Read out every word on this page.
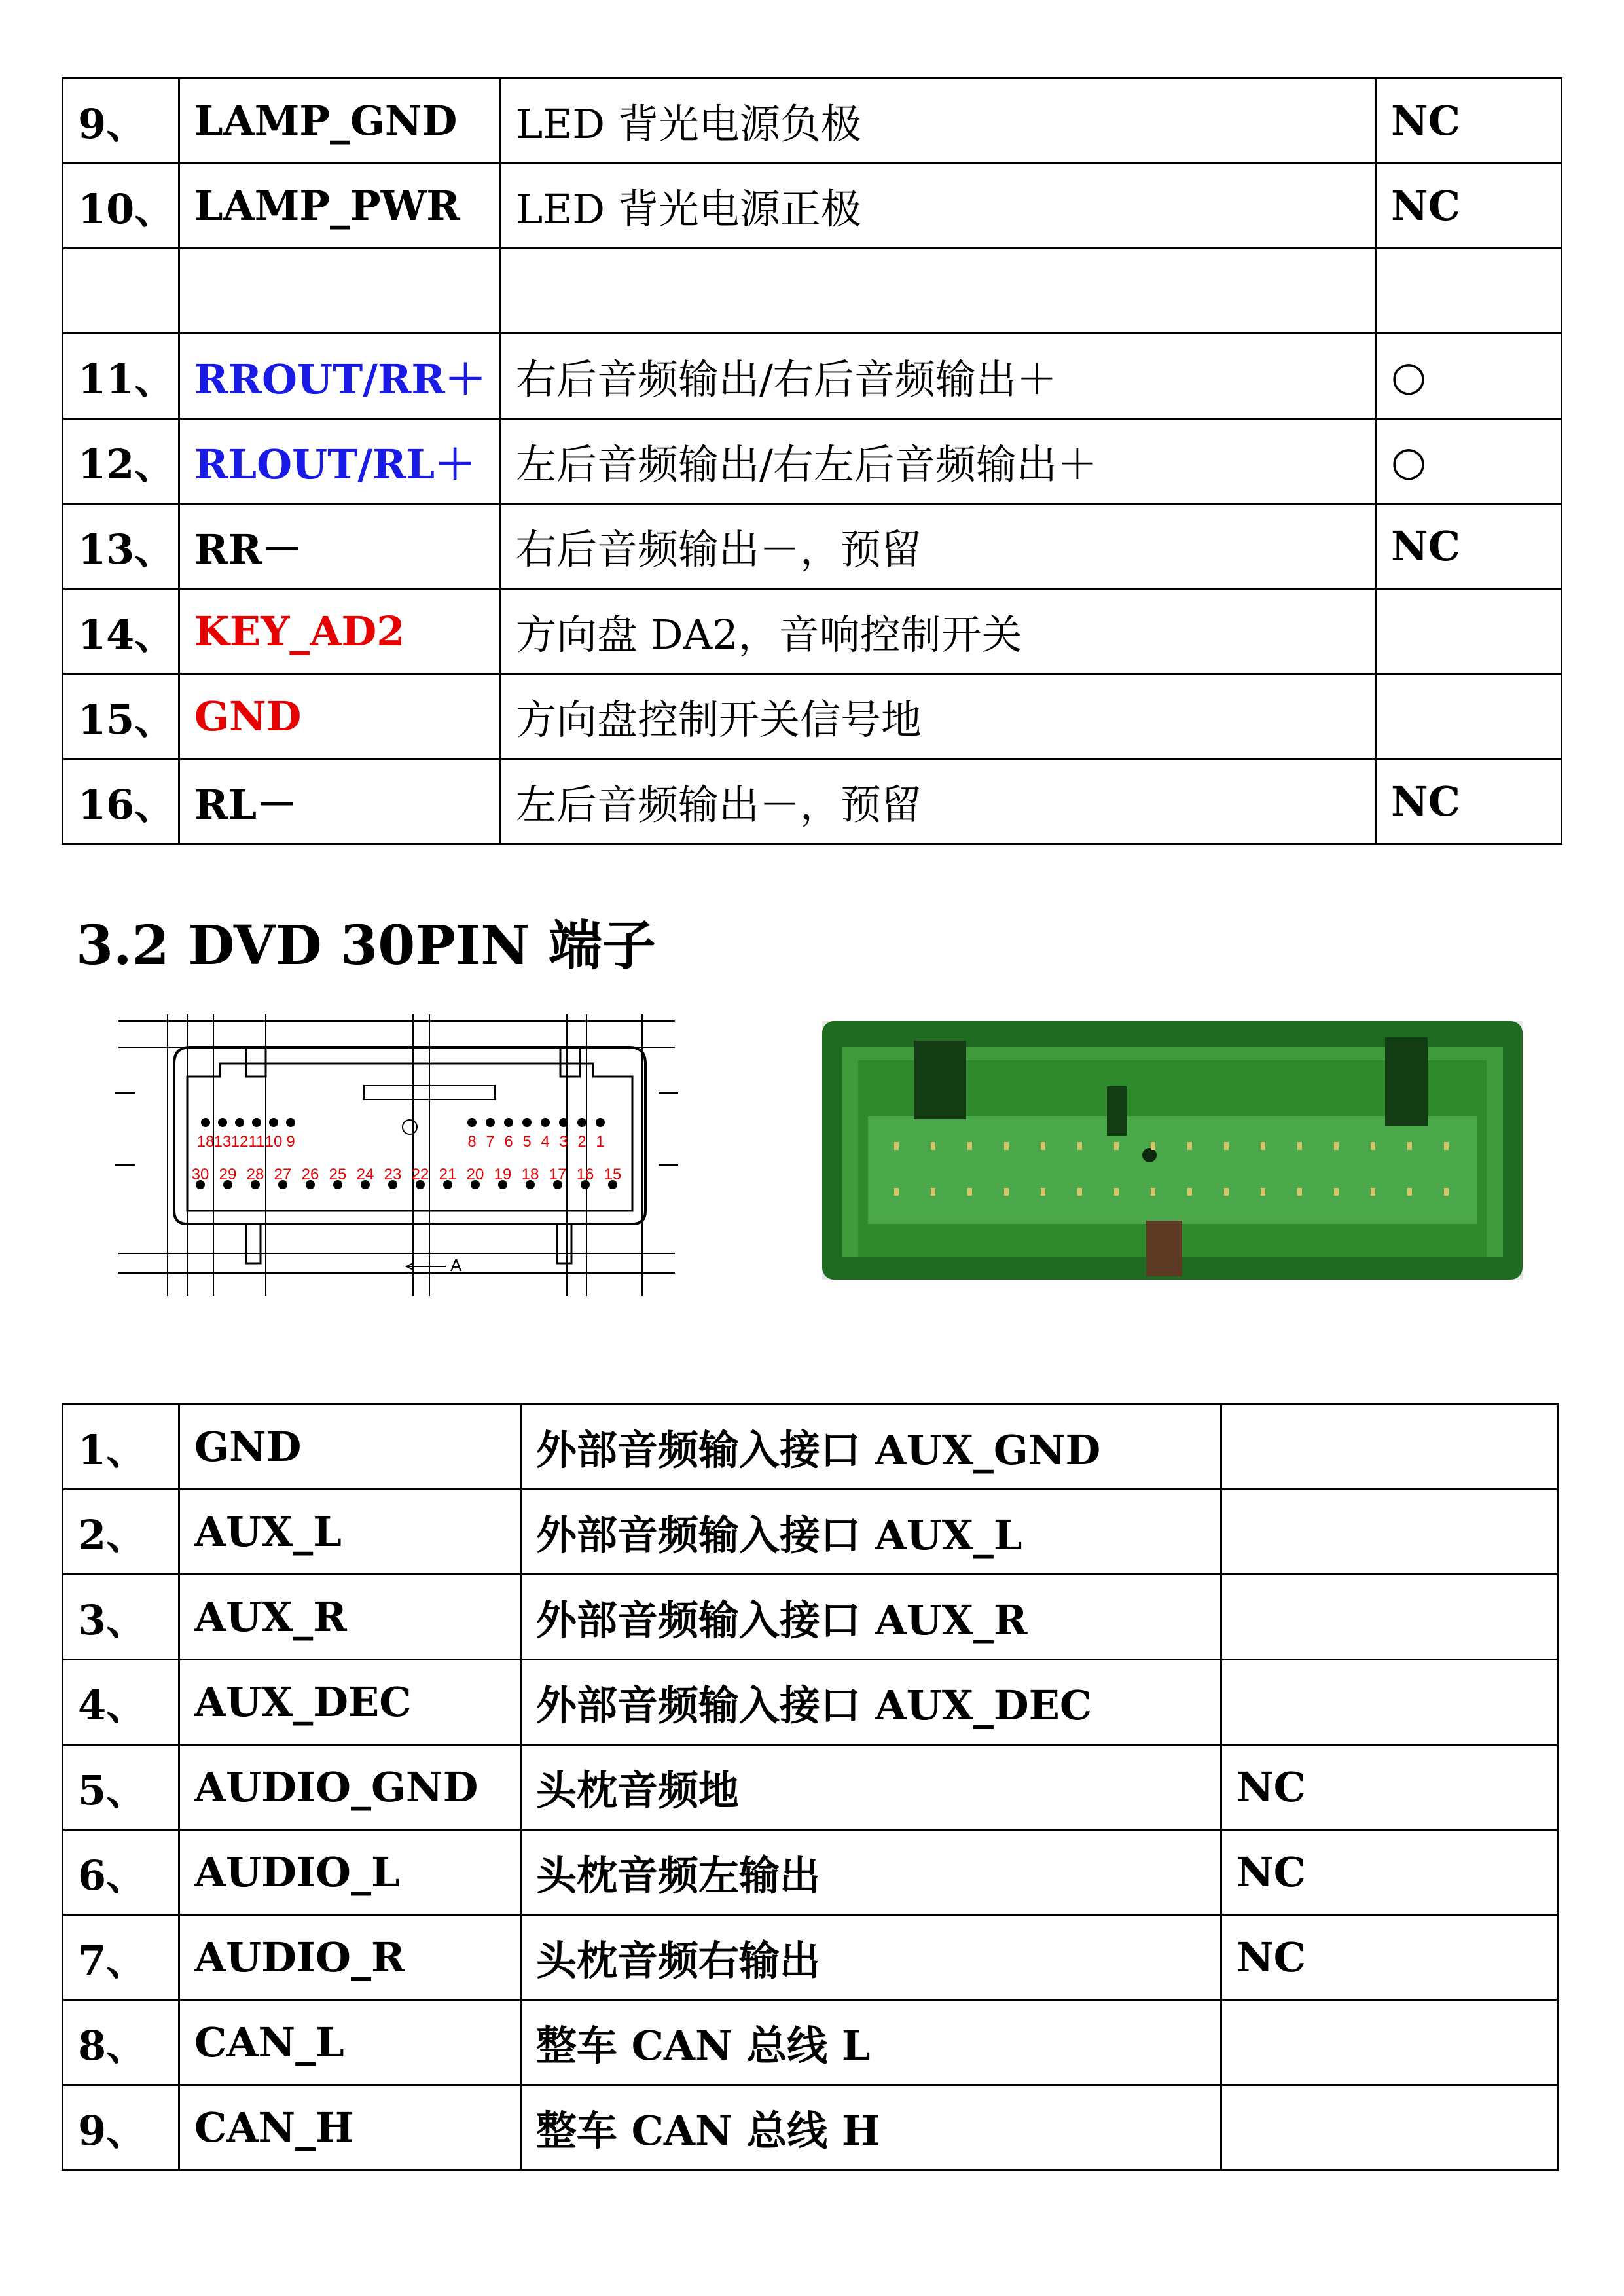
9、	LAMP_GND	LED 背光电源负极	NC
10、	LAMP_PWR	LED 背光电源正极	NC

11、	RROUT/RR＋	右后音频输出/右后音频输出＋	○
12、	RLOUT/RL＋	左后音频输出/右左后音频输出＋	○
13、	RR－	右后音频输出－，预留	NC
14、	KEY_AD2	方向盘 DA2，音响控制开关	
15、	GND	方向盘控制开关信号地	
16、	RL－	左后音频输出－，预留	NC
3.2 DVD 30PIN 端子
A
18 13 12 11 10 9	8 7 6 5 4 3 2 1
30 29 28 27 26 25 24 23 22 21 20 19 18 17 16 15
1、	GND	外部音频输入接口 AUX_GND	
2、	AUX_L	外部音频输入接口 AUX_L	
3、	AUX_R	外部音频输入接口 AUX_R	
4、	AUX_DEC	外部音频输入接口 AUX_DEC	
5、	AUDIO_GND	头枕音频地	NC
6、	AUDIO_L	头枕音频左输出	NC
7、	AUDIO_R	头枕音频右输出	NC
8、	CAN_L	整车 CAN 总线 L	
9、	CAN_H	整车 CAN 总线 H	
